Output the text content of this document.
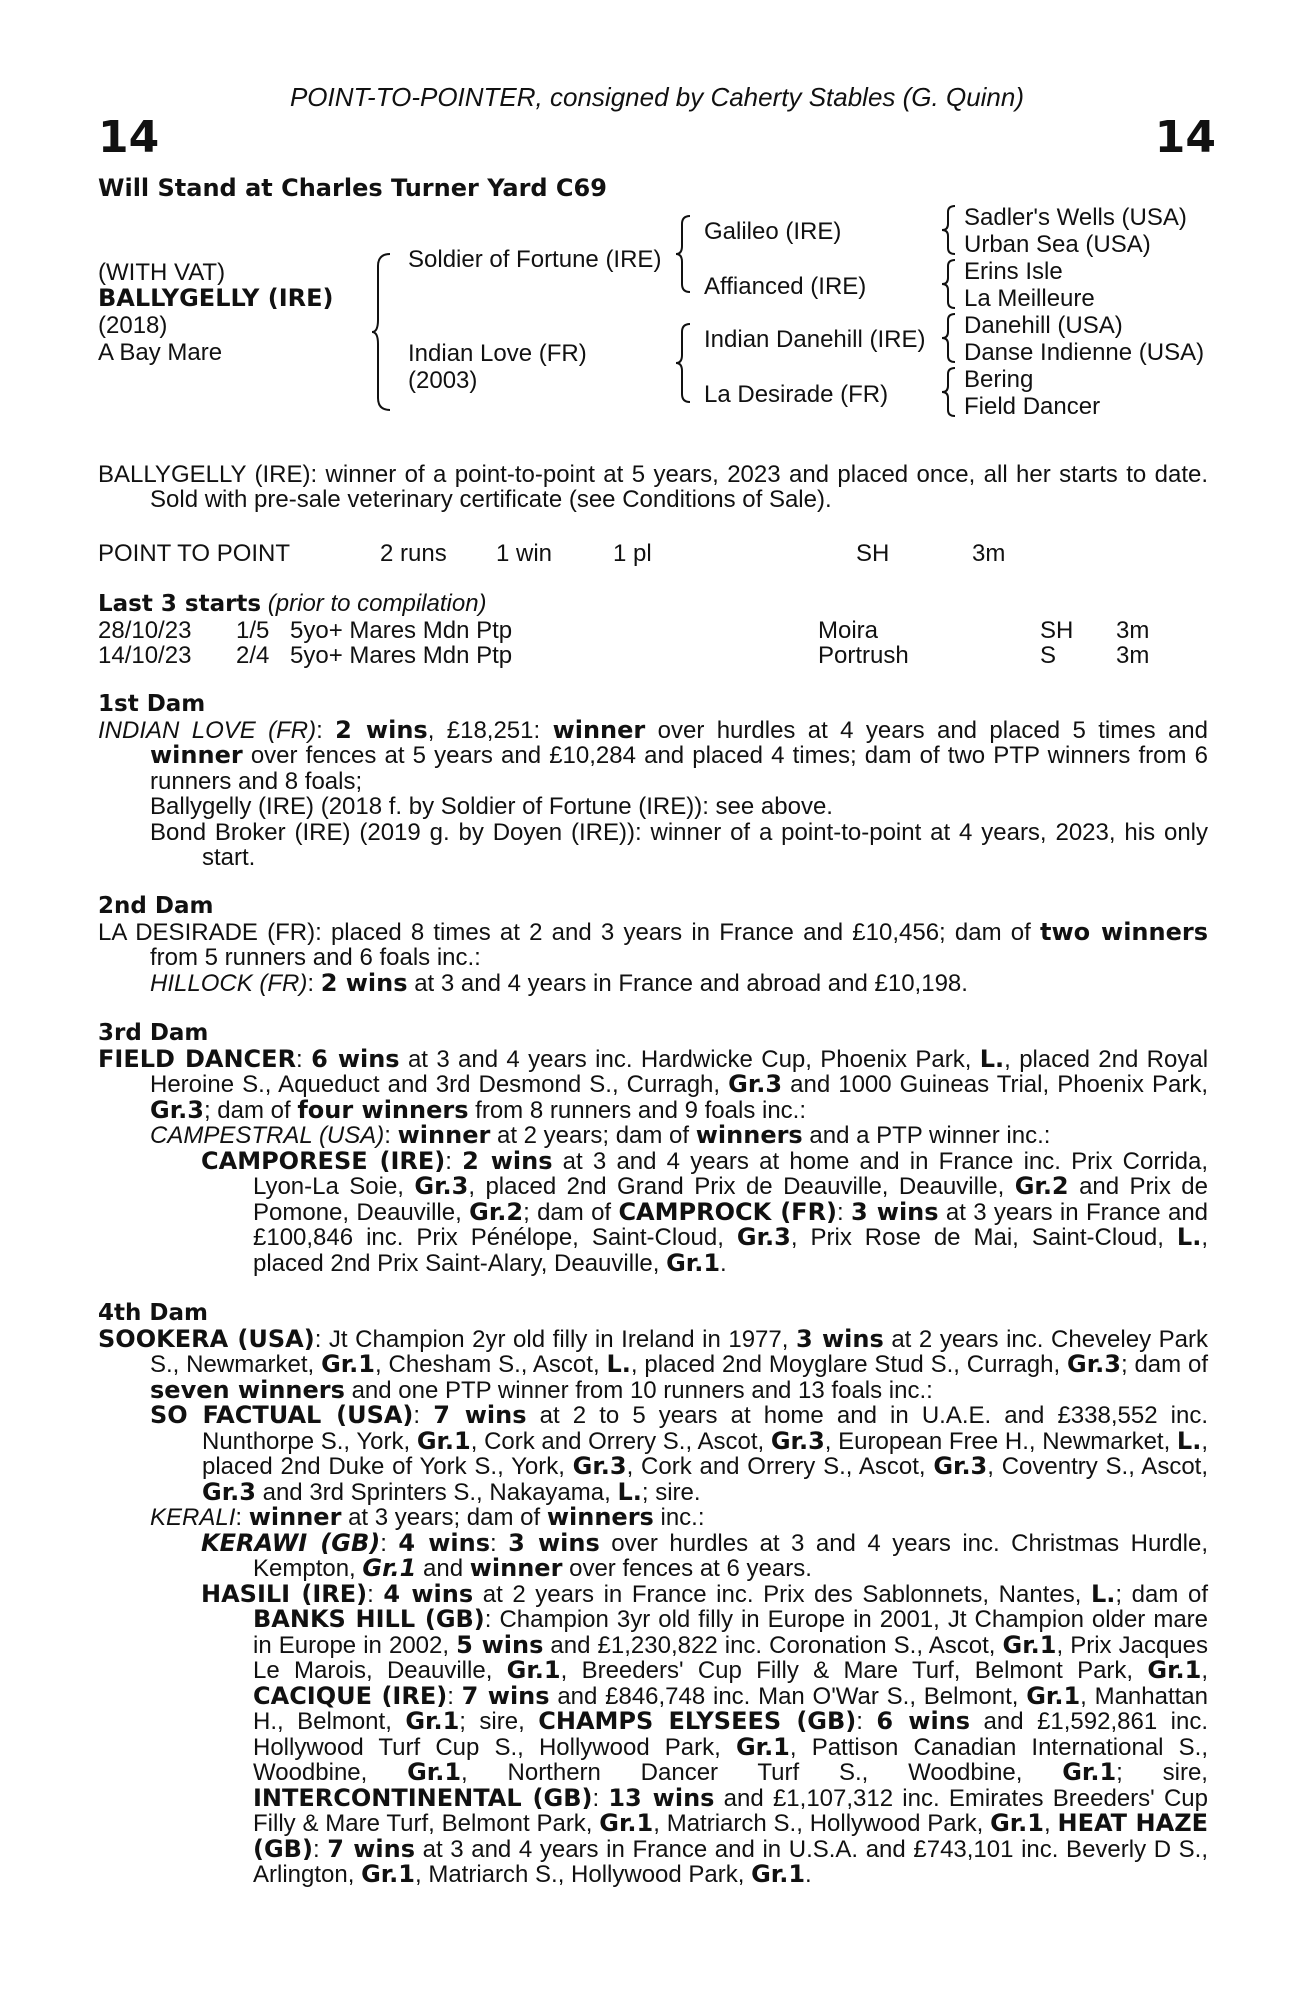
POINT-TO-POINTER, consigned by Caherty Stables (G. Quinn)
14	14
Will Stand at Charles Turner Yard C69
(WITH VAT)
BALLYGELLY (IRE)
(2018)
A Bay Mare
Soldier of Fortune (IRE)
Indian Love (FR)
(2003)
Galileo (IRE)
Affianced (IRE)
Indian Danehill (IRE)
La Desirade (FR)
Sadler's Wells (USA)
Urban Sea (USA)
Erins Isle
La Meilleure
Danehill (USA)
Danse Indienne (USA)
Bering
Field Dancer

BALLYGELLY (IRE): winner of a point-to-point at 5 years, 2023 and placed once, all her starts to date. Sold with pre-sale veterinary certificate (see Conditions of Sale).

POINT TO POINT	2 runs 1 win	1 pl	SH	3m
Last 3 starts (prior to compilation)
28/10/23 1/5 5yo+ Mares Mdn Ptp	Moira	SH 3m
14/10/23 2/4 5yo+ Mares Mdn Ptp	Portrush	S 3m

1st Dam

INDIAN LOVE (FR): 2 wins, £18,251: winner over hurdles at 4 years and placed 5 times and winner over fences at 5 years and £10,284 and placed 4 times; dam of two PTP winners from 6 runners and 8 foals;

Ballygelly (IRE) (2018 f. by Soldier of Fortune (IRE)): see above.

Bond Broker (IRE) (2019 g. by Doyen (IRE)): winner of a point-to-point at 4 years, 2023, his only start.

2nd Dam

LA DESIRADE (FR): placed 8 times at 2 and 3 years in France and £10,456; dam of two winners from 5 runners and 6 foals inc.:

HILLOCK (FR): 2 wins at 3 and 4 years in France and abroad and £10,198.

3rd Dam

FIELD DANCER: 6 wins at 3 and 4 years inc. Hardwicke Cup, Phoenix Park, L., placed 2nd Royal Heroine S., Aqueduct and 3rd Desmond S., Curragh, Gr.3 and 1000 Guineas Trial, Phoenix Park, Gr.3; dam of four winners from 8 runners and 9 foals inc.:

CAMPESTRAL (USA): winner at 2 years; dam of winners and a PTP winner inc.:

CAMPORESE (IRE): 2 wins at 3 and 4 years at home and in France inc. Prix Corrida, Lyon-La Soie, Gr.3, placed 2nd Grand Prix de Deauville, Deauville, Gr.2 and Prix de Pomone, Deauville, Gr.2; dam of CAMPROCK (FR): 3 wins at 3 years in France and £100,846 inc. Prix Pénélope, Saint-Cloud, Gr.3, Prix Rose de Mai, Saint-Cloud, L., placed 2nd Prix Saint-Alary, Deauville, Gr.1.

4th Dam

SOOKERA (USA): Jt Champion 2yr old filly in Ireland in 1977, 3 wins at 2 years inc. Cheveley Park S., Newmarket, Gr.1, Chesham S., Ascot, L., placed 2nd Moyglare Stud S., Curragh, Gr.3; dam of seven winners and one PTP winner from 10 runners and 13 foals inc.:

SO FACTUAL (USA): 7 wins at 2 to 5 years at home and in U.A.E. and £338,552 inc. Nunthorpe S., York, Gr.1, Cork and Orrery S., Ascot, Gr.3, European Free H., Newmarket, L., placed 2nd Duke of York S., York, Gr.3, Cork and Orrery S., Ascot, Gr.3, Coventry S., Ascot, Gr.3 and 3rd Sprinters S., Nakayama, L.; sire.

KERALI: winner at 3 years; dam of winners inc.:

KERAWI (GB): 4 wins: 3 wins over hurdles at 3 and 4 years inc. Christmas Hurdle, Kempton, Gr.1 and winner over fences at 6 years.

HASILI (IRE): 4 wins at 2 years in France inc. Prix des Sablonnets, Nantes, L.; dam of BANKS HILL (GB): Champion 3yr old filly in Europe in 2001, Jt Champion older mare in Europe in 2002, 5 wins and £1,230,822 inc. Coronation S., Ascot, Gr.1, Prix Jacques Le Marois, Deauville, Gr.1, Breeders' Cup Filly & Mare Turf, Belmont Park, Gr.1, CACIQUE (IRE): 7 wins and £846,748 inc. Man O'War S., Belmont, Gr.1, Manhattan H., Belmont, Gr.1; sire, CHAMPS ELYSEES (GB): 6 wins and £1,592,861 inc. Hollywood Turf Cup S., Hollywood Park, Gr.1, Pattison Canadian International S., Woodbine, Gr.1, Northern Dancer Turf S., Woodbine, Gr.1; sire, INTERCONTINENTAL (GB): 13 wins and £1,107,312 inc. Emirates Breeders' Cup Filly & Mare Turf, Belmont Park, Gr.1, Matriarch S., Hollywood Park, Gr.1, HEAT HAZE (GB): 7 wins at 3 and 4 years in France and in U.S.A. and £743,101 inc. Beverly D S., Arlington, Gr.1, Matriarch S., Hollywood Park, Gr.1.
